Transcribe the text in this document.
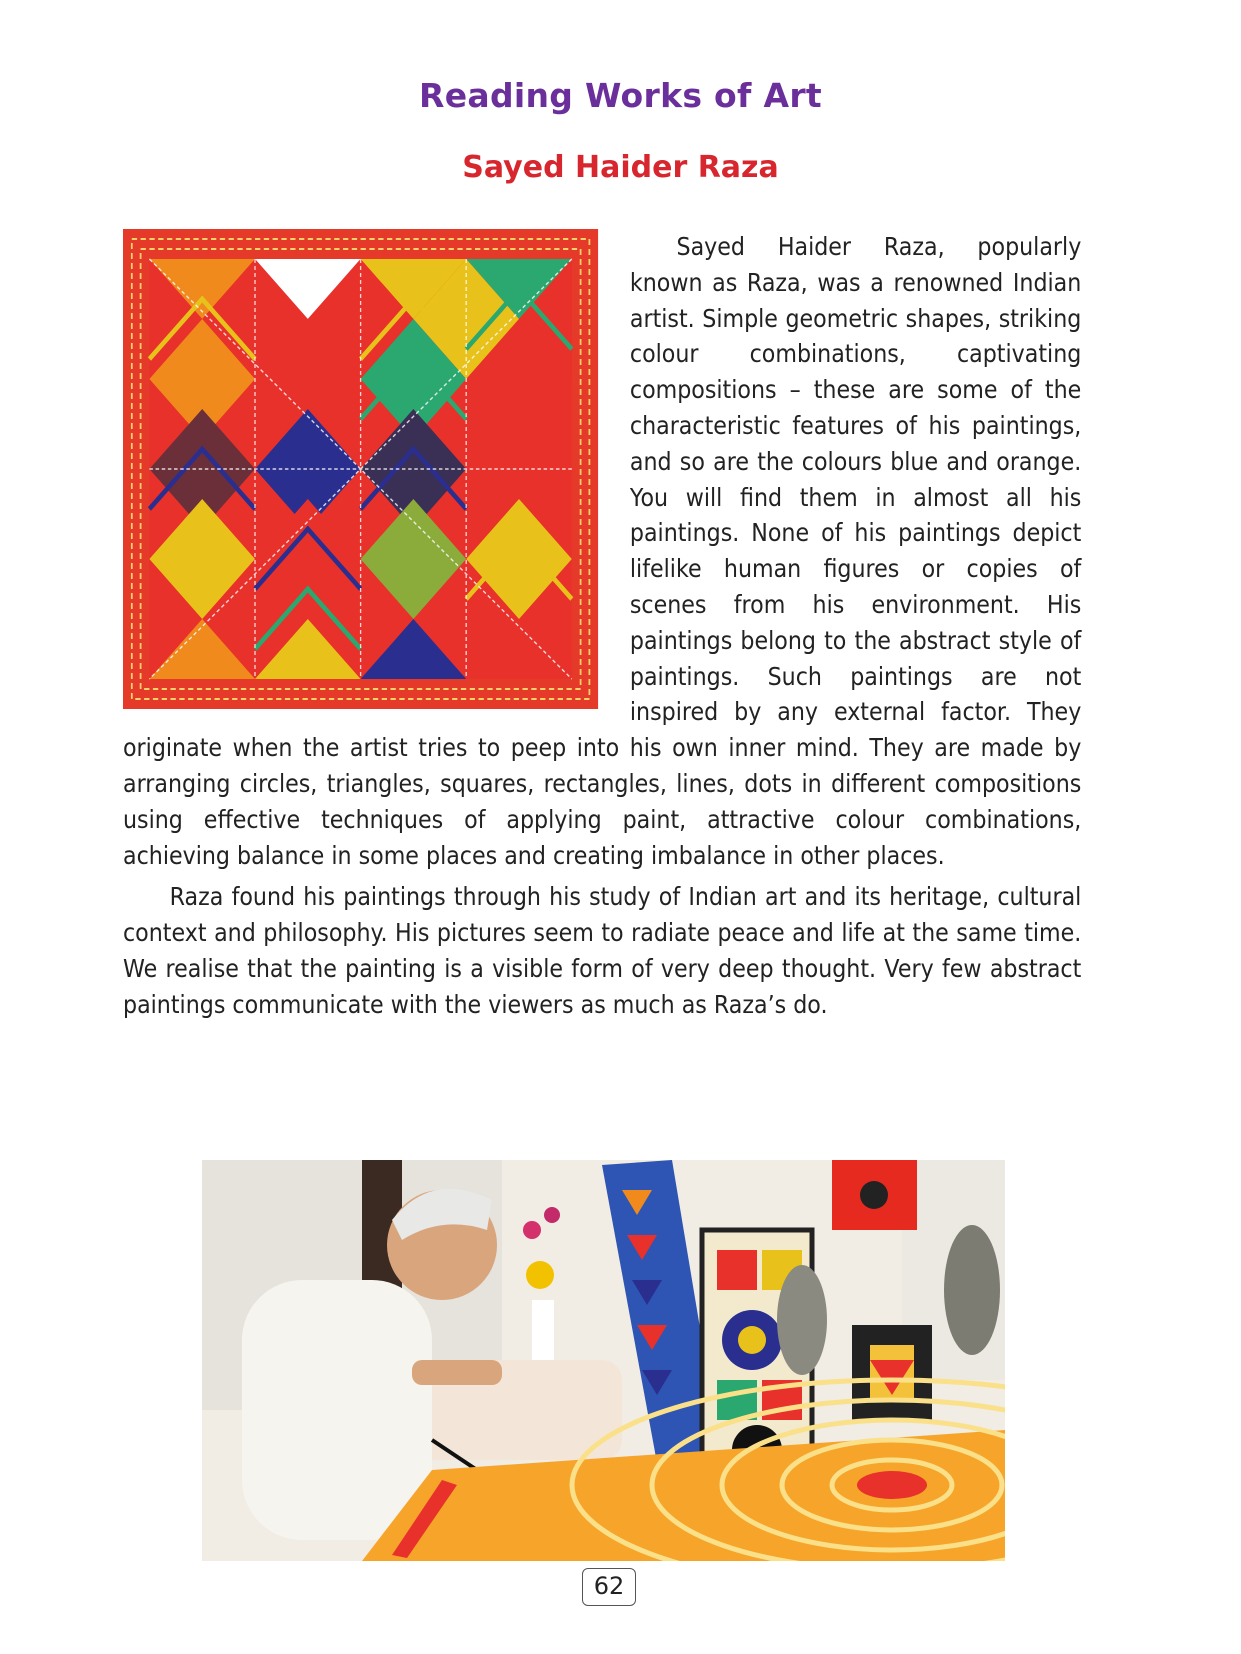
Reading Works of Art
Sayed Haider Raza

Sayed Haider Raza, popularly known as Raza, was a renowned Indian artist. Simple geometric shapes, striking colour combinations, captivating compositions – these are some of the characteristic features of his paintings, and so are the colours blue and orange. You will find them in almost all his paintings. None of his paintings depict lifelike human figures or copies of scenes from his environment. His paintings belong to the abstract style of paintings. Such paintings are not inspired by any external factor. They originate when the artist tries to peep into his own inner mind. They are made by arranging circles, triangles, squares, rectangles, lines, dots in different compositions using effective techniques of applying paint, attractive colour combinations, achieving balance in some places and creating imbalance in other places.

Raza found his paintings through his study of Indian art and its heritage, cultural context and philosophy. His pictures seem to radiate peace and life at the same time. We realise that the painting is a visible form of very deep thought. Very few abstract paintings communicate with the viewers as much as Raza’s do.

62
